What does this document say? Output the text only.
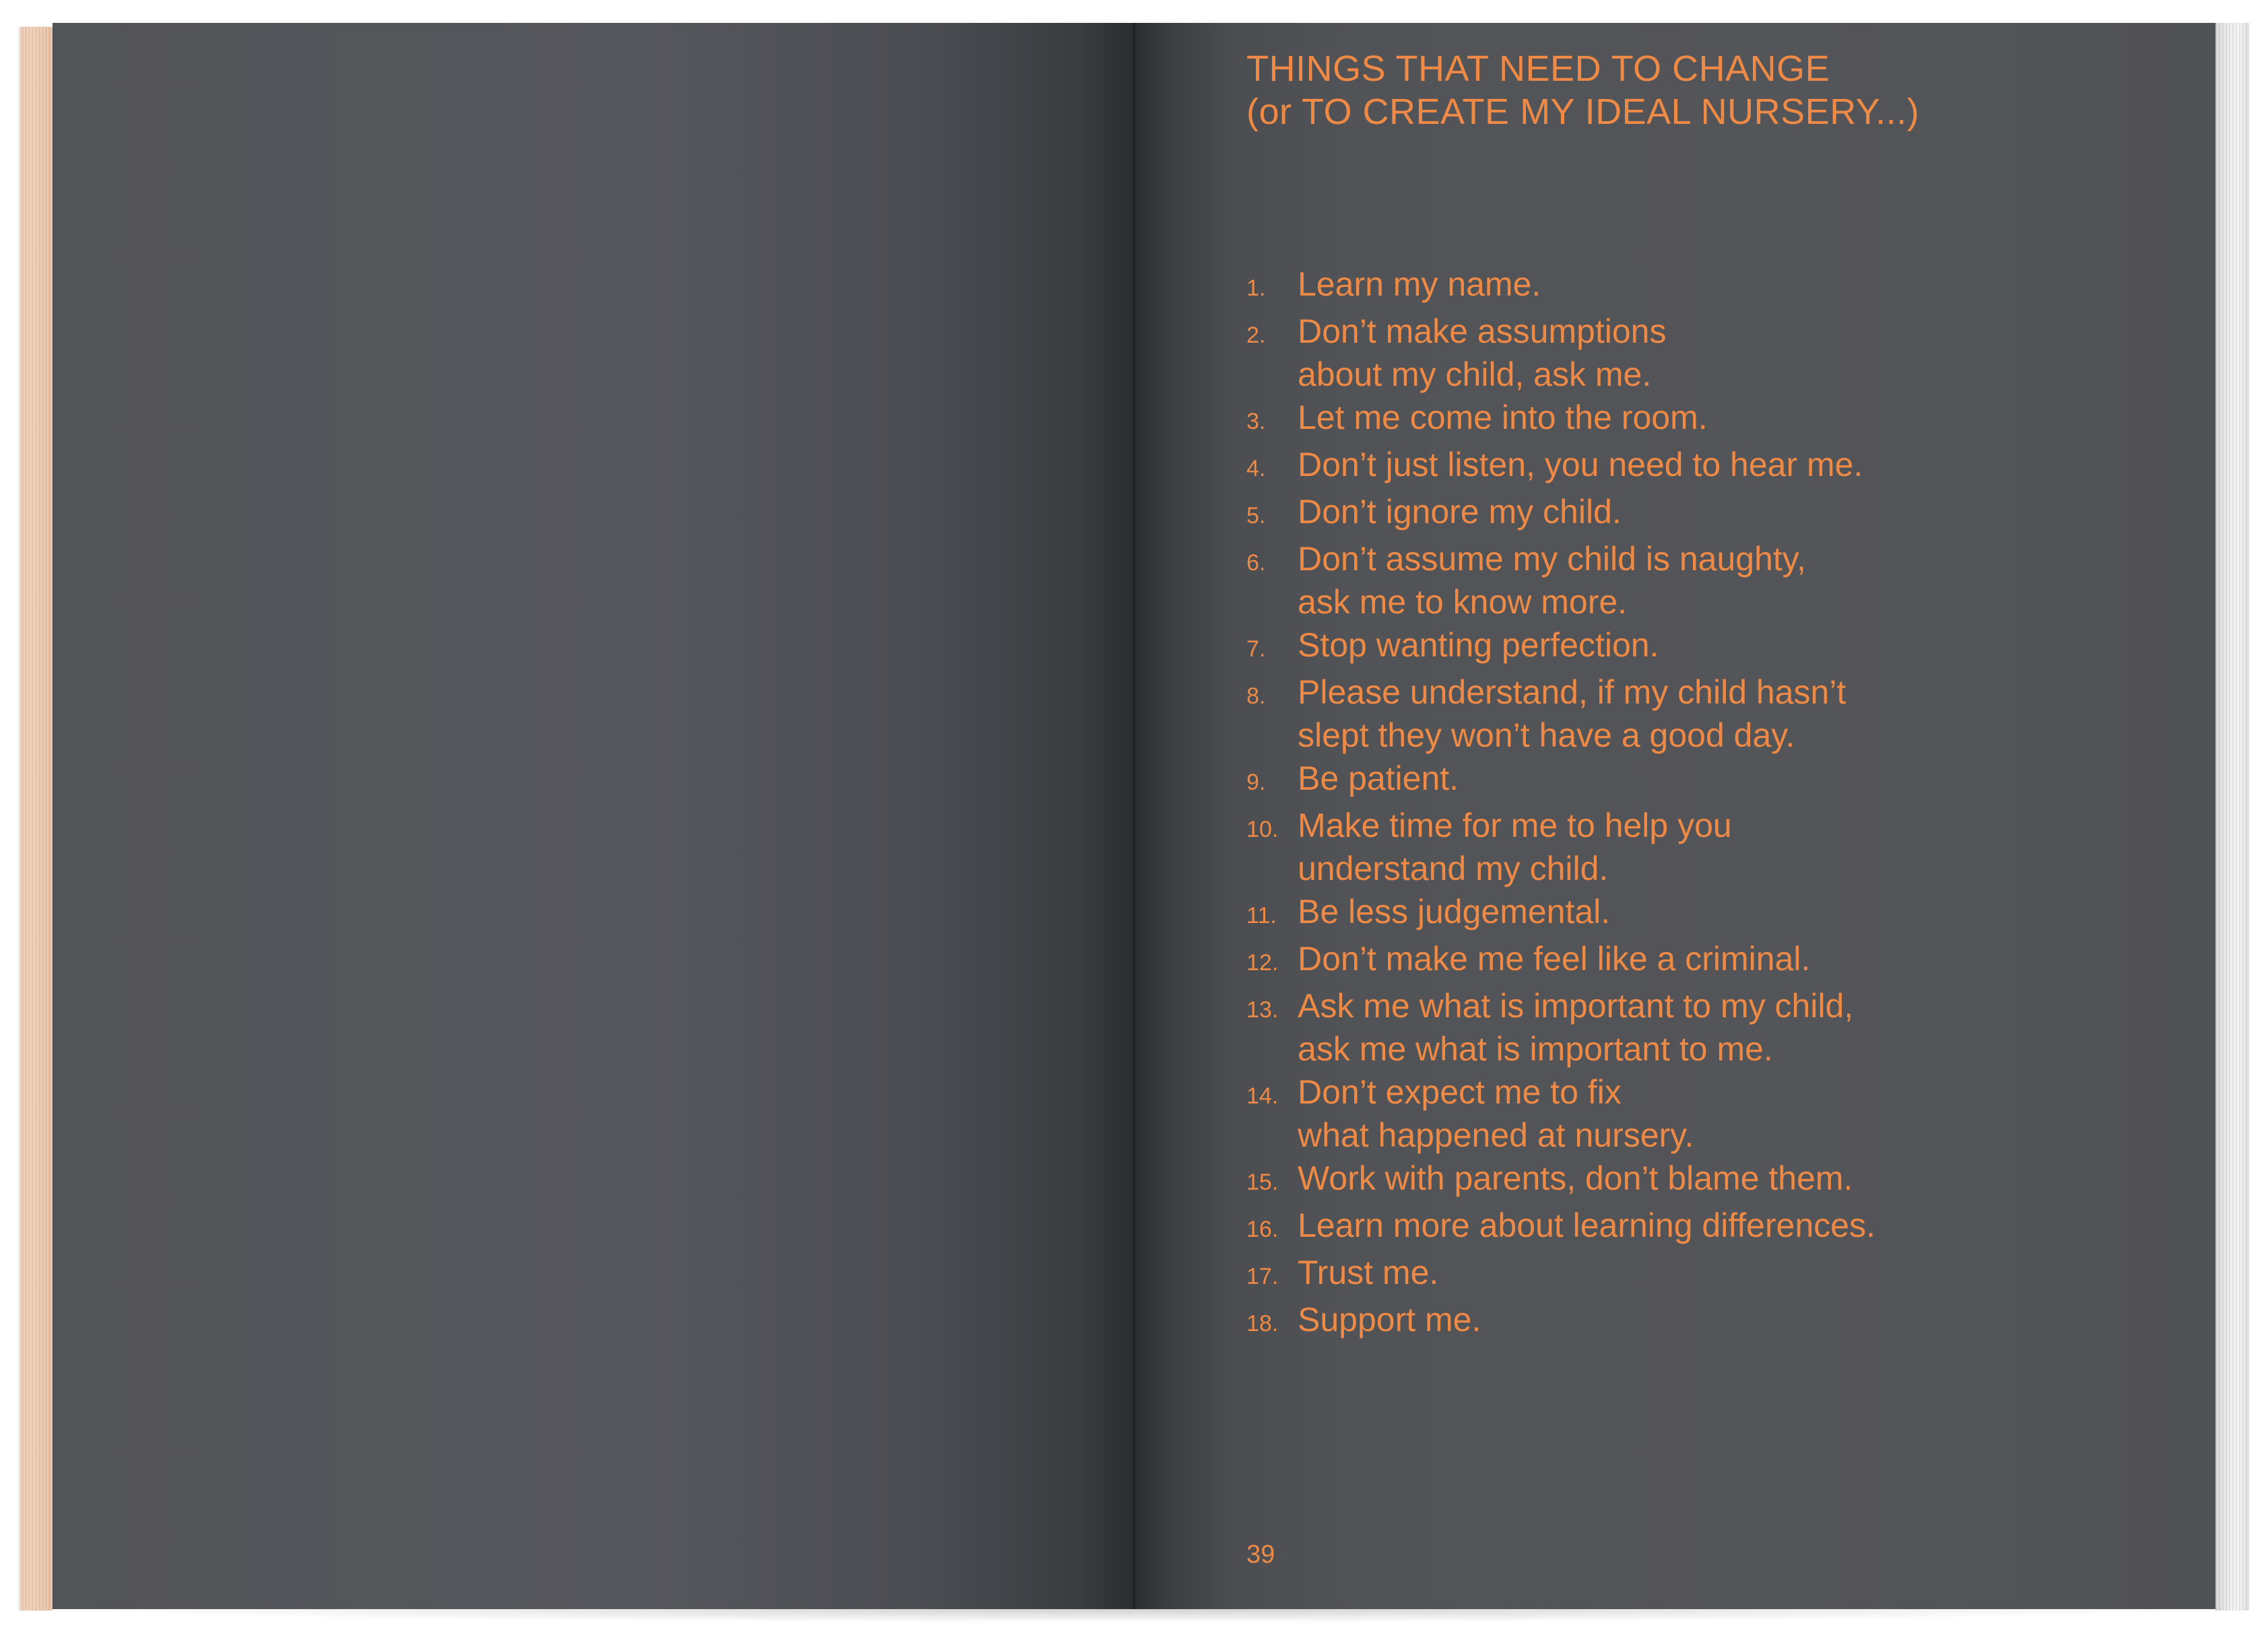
THINGS THAT NEED TO CHANGE
(or TO CREATE MY IDEAL NURSERY...)
1. Learn my name.
2. Don’t make assumptions
about my child, ask me.
3. Let me come into the room.
4. Don’t just listen, you need to hear me.
5. Don’t ignore my child.
6. Don’t assume my child is naughty,
ask me to know more.
7. Stop wanting perfection.
8. Please understand, if my child hasn’t
slept they won’t have a good day.
9. Be patient.
10. Make time for me to help you
understand my child.
11. Be less judgemental.
12. Don’t make me feel like a criminal.
13. Ask me what is important to my child,
ask me what is important to me.
14. Don’t expect me to fix
what happened at nursery.
15. Work with parents, don’t blame them.
16. Learn more about learning differences.
17. Trust me.
18. Support me.
39
